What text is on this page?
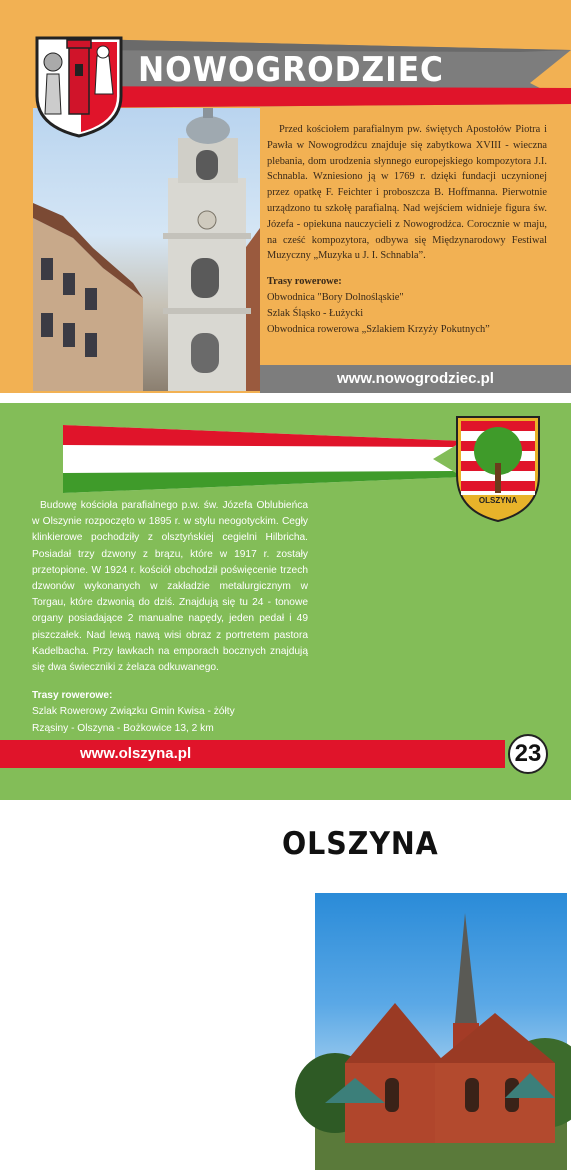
NOWOGRODZIEC
Przed kościołem parafialnym pw. świętych Apostołów Piotra i Pawła w Nowogrodźcu znajduje się zabytkowa XVIII - wieczna plebania, dom urodzenia słynnego europejskiego kompozytora J.I. Schnabla. Wzniesiono ją w 1769 r. dzięki fundacji uczynionej przez opatkę F. Feichter i proboszcza B. Hoffmanna. Pierwotnie urządzono tu szkołę parafialną. Nad wejściem widnieje figura św. Józefa - opiekuna nauczycieli z Nowogrodźca. Corocznie w maju, na cześć kompozytora, odbywa się Międzynarodowy Festiwal Muzyczny „Muzyka u J. I. Schnabla”.
Trasy rowerowe:
Obwodnica "Bory Dolnośląskie"
Szlak Śląsko - Łużycki
Obwodnica rowerowa „Szlakiem Krzyży Pokutnych”
www.nowogrodziec.pl
OLSZYNA
OLSZYNA
Budowę kościoła parafialnego p.w. św. Józefa Oblubieńca w Olszynie rozpoczęto w 1895 r. w stylu neogotyckim. Cegły klinkierowe pochodziły z olsztyńskiej cegielni Hilbricha. Posiadał trzy dzwony z brązu, które w 1917 r. zostały przetopione. W 1924 r. kościół obchodził poświęcenie trzech dzwonów wykonanych w zakładzie metalurgicznym w Torgau, które dzwonią do dziś. Znajdują się tu 24 - tonowe organy posiadające 2 manualne napędy, jeden pedał i 49 piszczałek. Nad lewą nawą wisi obraz z portretem pastora Kadelbacha. Przy ławkach na emporach bocznych znajdują się dwa świeczniki z żelaza odkuwanego.
Trasy rowerowe:
Szlak Rowerowy Związku Gmin Kwisa - żółty
Rząsiny - Olszyna - Bożkowice 13, 2 km
www.olszyna.pl	23
